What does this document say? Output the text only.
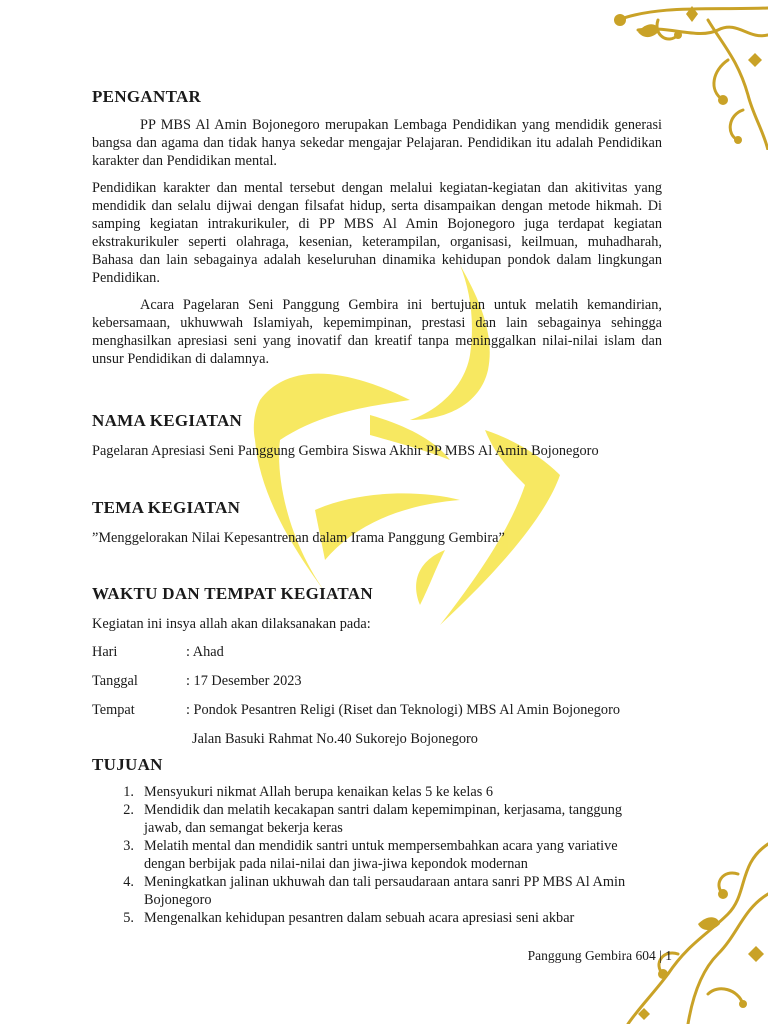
PENGANTAR

PP MBS Al Amin Bojonegoro merupakan Lembaga Pendidikan yang mendidik generasi bangsa dan agama dan tidak hanya sekedar mengajar Pelajaran. Pendidikan itu adalah Pendidikan karakter dan Pendidikan mental.

Pendidikan karakter dan mental tersebut dengan melalui kegiatan-kegiatan dan akitivitas yang mendidik dan selalu dijwai dengan filsafat hidup, serta disampaikan dengan metode hikmah. Di samping kegiatan intrakurikuler, di PP MBS Al Amin Bojonegoro juga terdapat kegiatan ekstrakurikuler seperti olahraga, kesenian, keterampilan, organisasi, keilmuan, muhadharah, Bahasa dan lain sebagainya adalah keseluruhan dinamika kehidupan pondok dalam lingkungan Pendidikan.

Acara Pagelaran Seni Panggung Gembira ini bertujuan untuk melatih kemandirian, kebersamaan, ukhuwwah Islamiyah, kepemimpinan, prestasi dan lain sebagainya sehingga menghasilkan apresiasi seni yang inovatif dan kreatif tanpa meninggalkan nilai-nilai islam dan unsur Pendidikan di dalamnya.

NAMA KEGIATAN

Pagelaran Apresiasi Seni Panggung Gembira Siswa Akhir PP MBS Al Amin Bojonegoro

TEMA KEGIATAN

”Menggelorakan Nilai Kepesantrenan dalam Irama Panggung Gembira”

WAKTU DAN TEMPAT KEGIATAN

Kegiatan ini insya allah akan dilaksanakan pada:

Hari	: Ahad
Tanggal	: 17 Desember 2023
Tempat	: Pondok Pesantren Religi (Riset dan Teknologi) MBS Al Amin Bojonegoro
Jalan Basuki Rahmat No.40 Sukorejo Bojonegoro
TUJUAN
1. Mensyukuri nikmat Allah berupa kenaikan kelas 5 ke kelas 6
2. Mendidik dan melatih kecakapan santri dalam kepemimpinan, kerjasama, tanggung jawab, dan semangat bekerja keras
3. Melatih mental dan mendidik santri untuk mempersembahkan acara yang variative dengan berbijak pada nilai-nilai dan jiwa-jiwa kepondok modernan
4. Meningkatkan jalinan ukhuwah dan tali persaudaraan antara sanri PP MBS Al Amin Bojonegoro
5. Mengenalkan kehidupan pesantren dalam sebuah acara apresiasi seni akbar
Panggung Gembira 604 | 1
